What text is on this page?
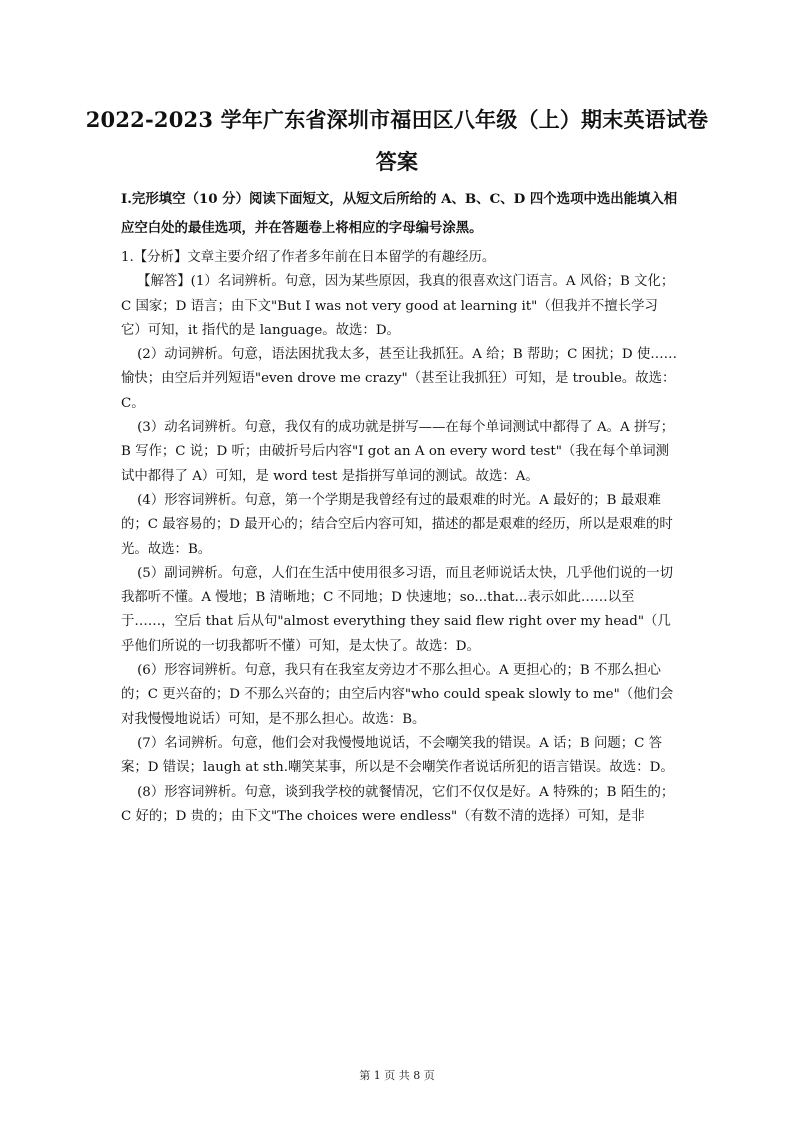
2022-2023 学年广东省深圳市福田区八年级（上）期末英语试卷
答案
I.完形填空（10 分）阅读下面短文，从短文后所给的 A、B、C、D 四个选项中选出能填入相应空白处的最佳选项，并在答题卷上将相应的字母编号涂黑。

1.【分析】文章主要介绍了作者多年前在日本留学的有趣经历。

【解答】(1）名词辨析。句意，因为某些原因，我真的很喜欢这门语言。A 风俗；B 文化；C 国家；D 语言；由下文"But I was not very good at learning it"（但我并不擅长学习它）可知，it 指代的是 language。故选：D。

(2）动词辨析。句意，语法困扰我太多，甚至让我抓狂。A 给；B 帮助；C 困扰；D 使……愉快；由空后并列短语"even drove me crazy"（甚至让我抓狂）可知，是 trouble。故选：C。

(3）动名词辨析。句意，我仅有的成功就是拼写——在每个单词测试中都得了 A。A 拼写；B 写作；C 说；D 听；由破折号后内容"I got an A on every word test"（我在每个单词测试中都得了 A）可知，是 word test 是指拼写单词的测试。故选：A。

(4）形容词辨析。句意，第一个学期是我曾经有过的最艰难的时光。A 最好的；B 最艰难的；C 最容易的；D 最开心的；结合空后内容可知，描述的都是艰难的经历，所以是艰难的时光。故选：B。

(5）副词辨析。句意，人们在生活中使用很多习语，而且老师说话太快，几乎他们说的一切我都听不懂。A 慢地；B 清晰地；C 不同地；D 快速地；so...that...表示如此……以至于……，空后 that 后从句"almost everything they said flew right over my head"（几乎他们所说的一切我都听不懂）可知，是太快了。故选：D。

(6）形容词辨析。句意，我只有在我室友旁边才不那么担心。A 更担心的；B 不那么担心的；C 更兴奋的；D 不那么兴奋的；由空后内容"who could speak slowly to me"（他们会对我慢慢地说话）可知，是不那么担心。故选：B。

(7）名词辨析。句意，他们会对我慢慢地说话，不会嘲笑我的错误。A 话；B 问题；C 答案；D 错误；laugh at sth.嘲笑某事，所以是不会嘲笑作者说话所犯的语言错误。故选：D。

(8）形容词辨析。句意，谈到我学校的就餐情况，它们不仅仅是好。A 特殊的；B 陌生的；C 好的；D 贵的；由下文"The choices were endless"（有数不清的选择）可知，是非

第 1 页 共 8 页
